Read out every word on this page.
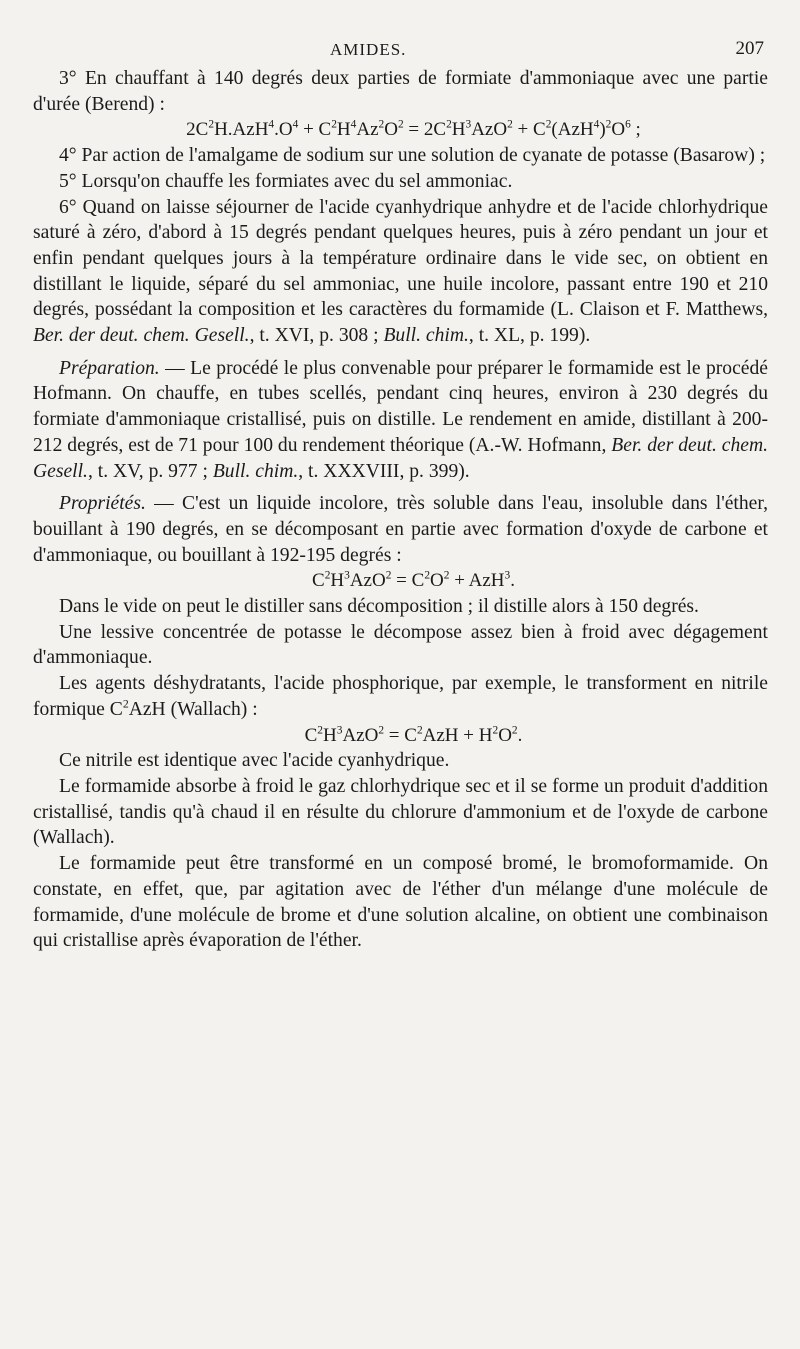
AMIDES.	207

3° En chauffant à 140 degrés deux parties de formiate d'ammoniaque avec une partie d'urée (Berend) :

$2C^2H.AzH^4.O^4 + C^2H^4Az^2O^2 = 2C^2H^3AzO^2 + C^2(AzH^4)^2O^6$ ;

4° Par action de l'amalgame de sodium sur une solution de cyanate de potasse (Basarow) ;

5° Lorsqu'on chauffe les formiates avec du sel ammoniac.

6° Quand on laisse séjourner de l'acide cyanhydrique anhydre et de l'acide chlorhydrique saturé à zéro, d'abord à 15 degrés pendant quelques heures, puis à zéro pendant un jour et enfin pendant quelques jours à la température ordinaire dans le vide sec, on obtient en distillant le liquide, séparé du sel ammoniac, une huile incolore, passant entre 190 et 210 degrés, possédant la composition et les caractères du formamide (L. Claison et F. Matthews, Ber. der deut. chem. Gesell., t. XVI, p. 308 ; Bull. chim., t. XL, p. 199).

Préparation. — Le procédé le plus convenable pour préparer le formamide est le procédé Hofmann. On chauffe, en tubes scellés, pendant cinq heures, environ à 230 degrés du formiate d'ammoniaque cristallisé, puis on distille. Le rendement en amide, distillant à 200-212 degrés, est de 71 pour 100 du rendement théorique (A.-W. Hofmann, Ber. der deut. chem. Gesell., t. XV, p. 977 ; Bull. chim., t. XXXVIII, p. 399).

Propriétés. — C'est un liquide incolore, très soluble dans l'eau, insoluble dans l'éther, bouillant à 190 degrés, en se décomposant en partie avec formation d'oxyde de carbone et d'ammoniaque, ou bouillant à 192-195 degrés :

$C^2H^3AzO^2 = C^2O^2 + AzH^3$.

Dans le vide on peut le distiller sans décomposition ; il distille alors à 150 degrés.

Une lessive concentrée de potasse le décompose assez bien à froid avec dégagement d'ammoniaque.

Les agents déshydratants, l'acide phosphorique, par exemple, le transforment en nitrile formique $C^2AzH$ (Wallach) :

$C^2H^3AzO^2 = C^2AzH + H^2O^2$.

Ce nitrile est identique avec l'acide cyanhydrique.

Le formamide absorbe à froid le gaz chlorhydrique sec et il se forme un produit d'addition cristallisé, tandis qu'à chaud il en résulte du chlorure d'ammonium et de l'oxyde de carbone (Wallach).

Le formamide peut être transformé en un composé bromé, le bromoformamide. On constate, en effet, que, par agitation avec de l'éther d'un mélange d'une molécule de formamide, d'une molécule de brome et d'une solution alcaline, on obtient une combinaison qui cristallise après évaporation de l'éther.
